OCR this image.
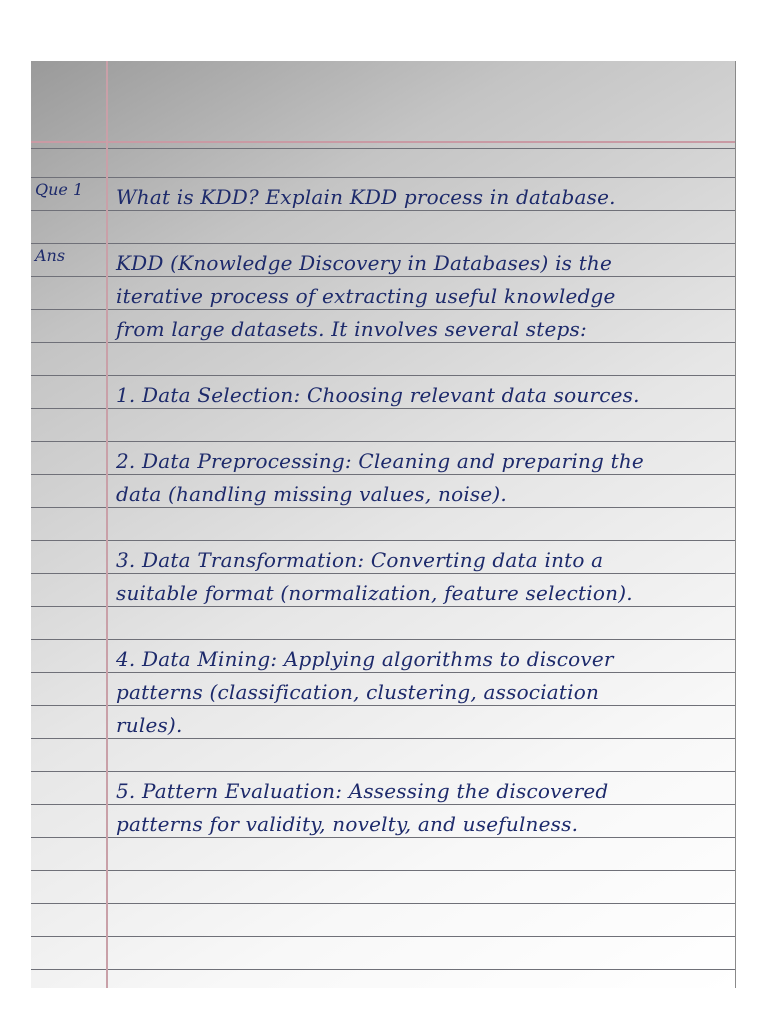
Que 1
Ans
What is KDD? Explain KDD process in database.
KDD (Knowledge Discovery in Databases) is the
iterative process of extracting useful knowledge
from large datasets. It involves several steps:
1. Data Selection: Choosing relevant data sources.
2. Data Preprocessing: Cleaning and preparing the
data (handling missing values, noise).
3. Data Transformation: Converting data into a
suitable format (normalization, feature selection).
4. Data Mining: Applying algorithms to discover
patterns (classification, clustering, association
rules).
5. Pattern Evaluation: Assessing the discovered
patterns for validity, novelty, and usefulness.
